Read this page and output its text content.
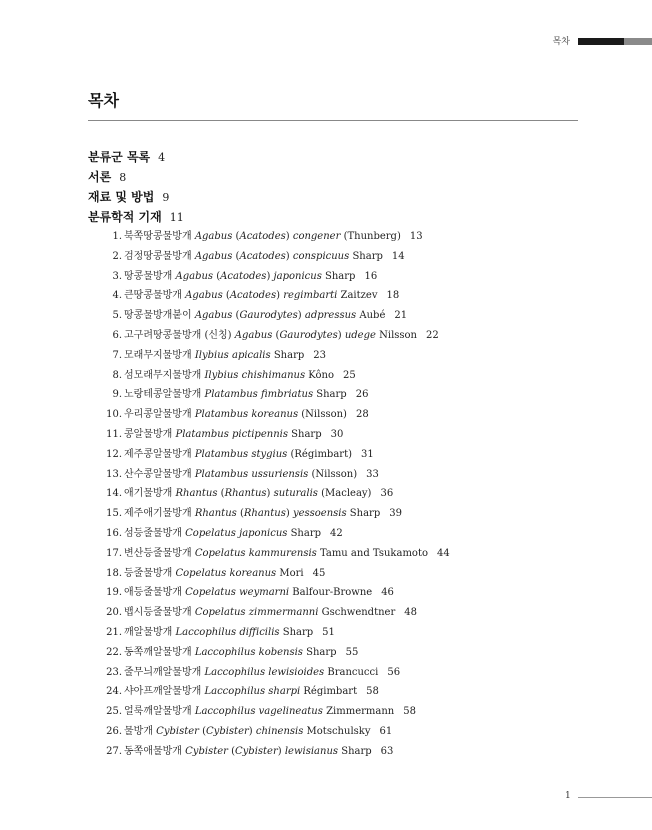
목차
목차
분류군 목록 4
서론 8
재료 및 방법 9
분류학적 기재 11
1. 북쪽땅콩물방개 Agabus (Acatodes) congener (Thunberg) 13
2. 검정땅콩물방개 Agabus (Acatodes) conspicuus Sharp 14
3. 땅콩물방개 Agabus (Acatodes) japonicus Sharp 16
4. 큰땅콩물방개 Agabus (Acatodes) regimbarti Zaitzev 18
5. 땅콩물방개붙이 Agabus (Gaurodytes) adpressus Aubé 21
6. 고구려땅콩물방개 (신칭) Agabus (Gaurodytes) udege Nilsson 22
7. 모래무지물방개 Ilybius apicalis Sharp 23
8. 섬모래무지물방개 Ilybius chishimanus Kôno 25
9. 노랑테콩알물방개 Platambus fimbriatus Sharp 26
10. 우리콩알물방개 Platambus koreanus (Nilsson) 28
11. 콩알물방개 Platambus pictipennis Sharp 30
12. 제주콩알물방개 Platambus stygius (Régimbart) 31
13. 산수콩알물방개 Platambus ussuriensis (Nilsson) 33
14. 애기물방개 Rhantus (Rhantus) suturalis (Macleay) 36
15. 제주애기물방개 Rhantus (Rhantus) yessoensis Sharp 39
16. 섬등줄물방개 Copelatus japonicus Sharp 42
17. 변산등줄물방개 Copelatus kammurensis Tamu and Tsukamoto 44
18. 등줄물방개 Copelatus koreanus Mori 45
19. 애등줄물방개 Copelatus weymarni Balfour-Browne 46
20. 뱁시등줄물방개 Copelatus zimmermanni Gschwendtner 48
21. 깨알물방개 Laccophilus difficilis Sharp 51
22. 동쪽깨알물방개 Laccophilus kobensis Sharp 55
23. 줄무늬깨알물방개 Laccophilus lewisioides Brancucci 56
24. 샤아프깨알물방개 Laccophilus sharpi Régimbart 58
25. 얼룩깨알물방개 Laccophilus vagelineatus Zimmermann 58
26. 물방개 Cybister (Cybister) chinensis Motschulsky 61
27. 동쪽애물방개 Cybister (Cybister) lewisianus Sharp 63
1
